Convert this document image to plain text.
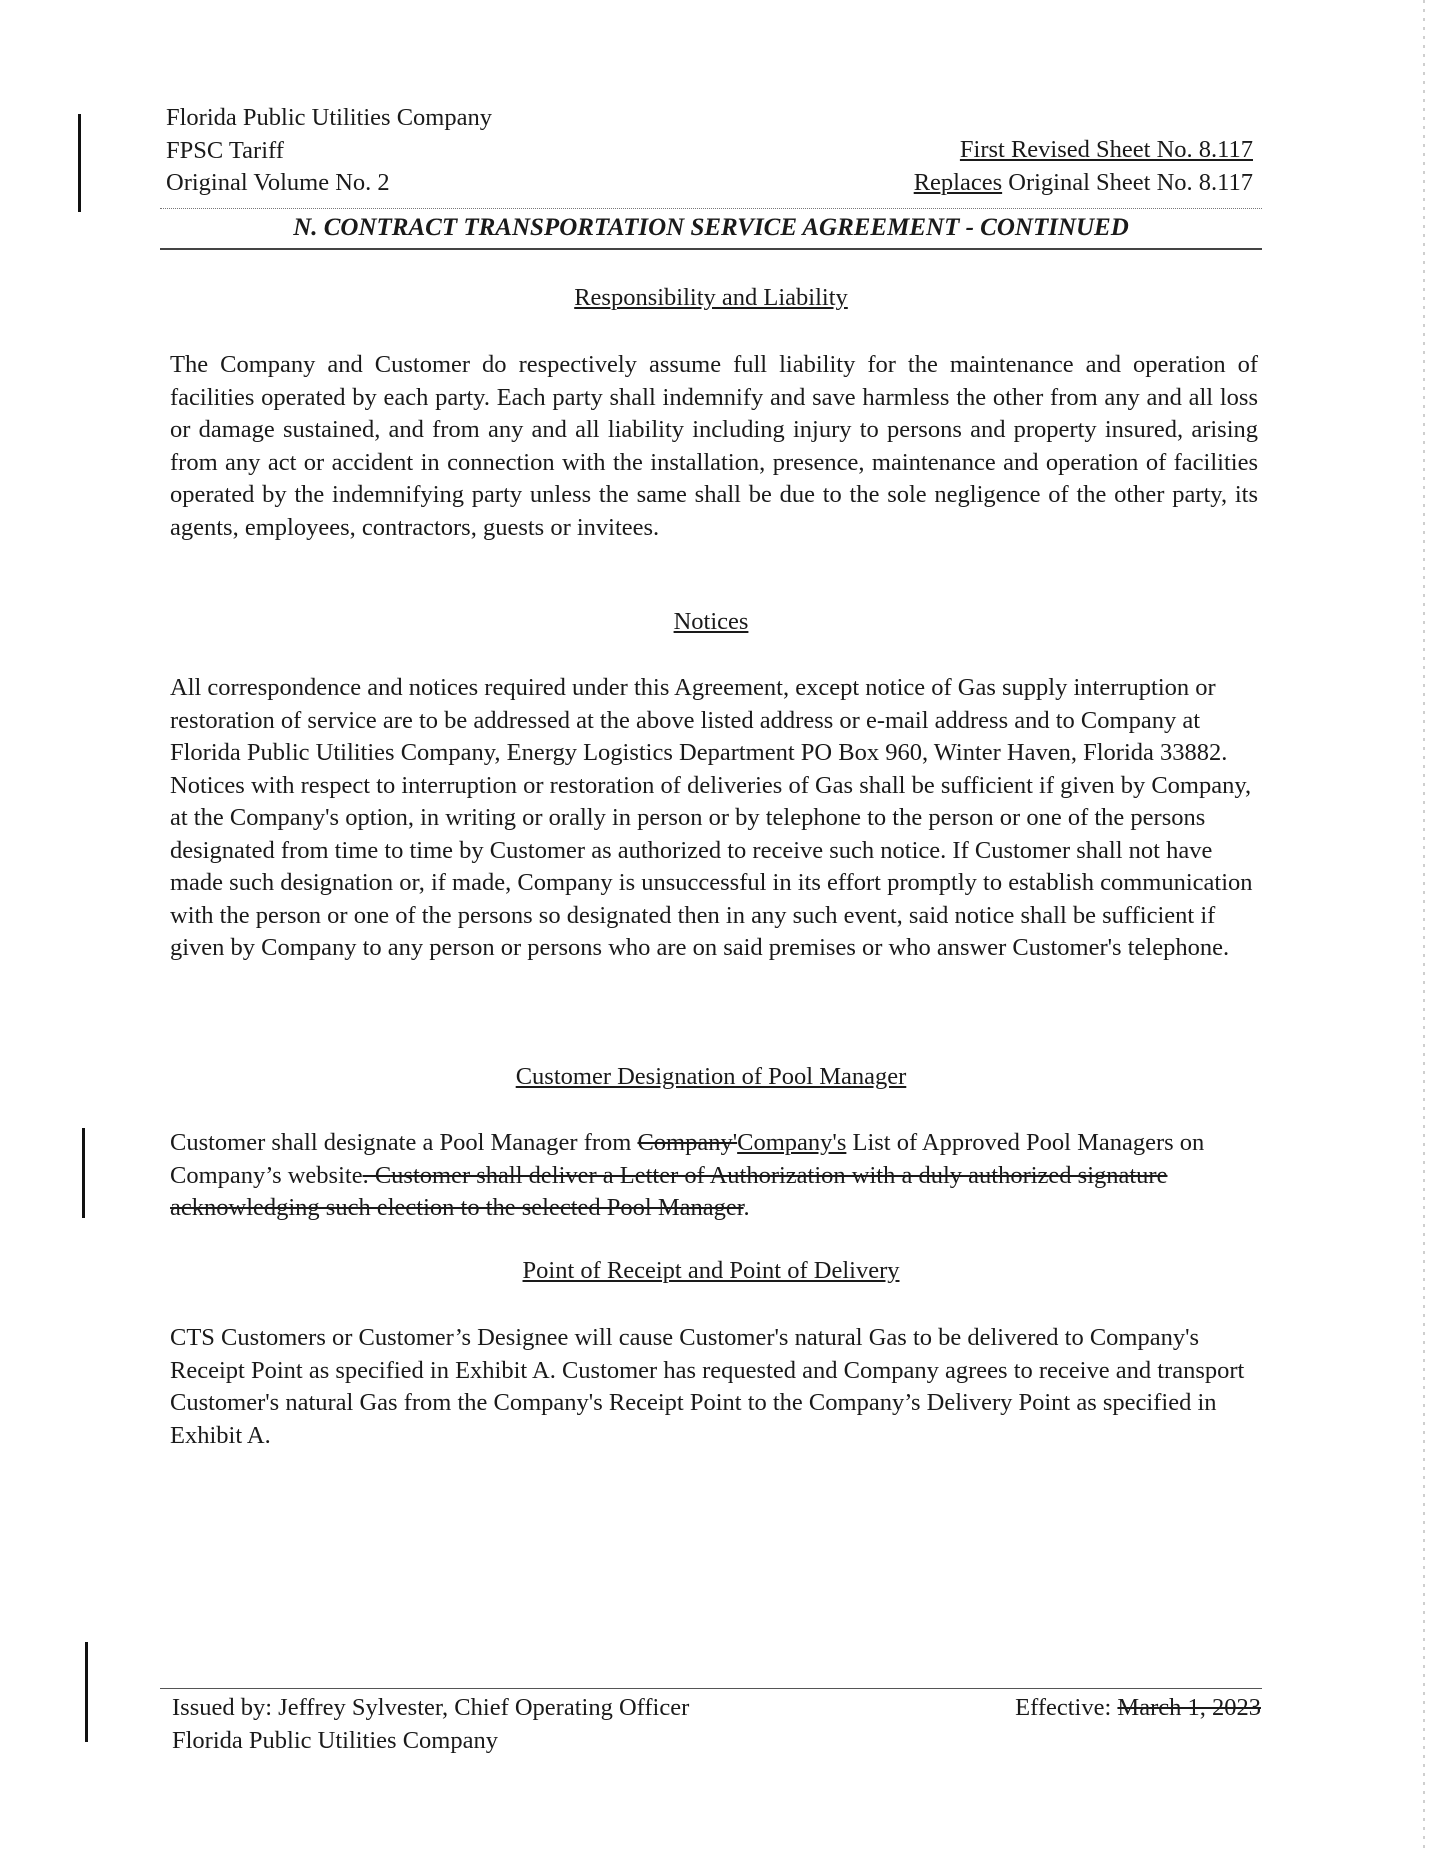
Florida Public Utilities Company
FPSC Tariff
Original Volume No. 2
First Revised Sheet No. 8.117
Replaces Original Sheet No. 8.117
N. CONTRACT TRANSPORTATION SERVICE AGREEMENT - CONTINUED
Responsibility and Liability
The Company and Customer do respectively assume full liability for the maintenance and operation of facilities operated by each party. Each party shall indemnify and save harmless the other from any and all loss or damage sustained, and from any and all liability including injury to persons and property insured, arising from any act or accident in connection with the installation, presence, maintenance and operation of facilities operated by the indemnifying party unless the same shall be due to the sole negligence of the other party, its agents, employees, contractors, guests or invitees.
Notices
All correspondence and notices required under this Agreement, except notice of Gas supply interruption or restoration of service are to be addressed at the above listed address or e-mail address and to Company at Florida Public Utilities Company, Energy Logistics Department PO Box 960, Winter Haven, Florida 33882. Notices with respect to interruption or restoration of deliveries of Gas shall be sufficient if given by Company, at the Company's option, in writing or orally in person or by telephone to the person or one of the persons designated from time to time by Customer as authorized to receive such notice. If Customer shall not have made such designation or, if made, Company is unsuccessful in its effort promptly to establish communication with the person or one of the persons so designated then in any such event, said notice shall be sufficient if given by Company to any person or persons who are on said premises or who answer Customer's telephone.
Customer Designation of Pool Manager
Customer shall designate a Pool Manager from Company'Company's List of Approved Pool Managers on Company’s website. Customer shall deliver a Letter of Authorization with a duly authorized signature acknowledging such election to the selected Pool Manager.
Point of Receipt and Point of Delivery
CTS Customers or Customer’s Designee will cause Customer's natural Gas to be delivered to Company's Receipt Point as specified in Exhibit A. Customer has requested and Company agrees to receive and transport Customer's natural Gas from the Company's Receipt Point to the Company’s Delivery Point as specified in Exhibit A.
Issued by: Jeffrey Sylvester, Chief Operating Officer
Florida Public Utilities Company
Effective: March 1, 2023
